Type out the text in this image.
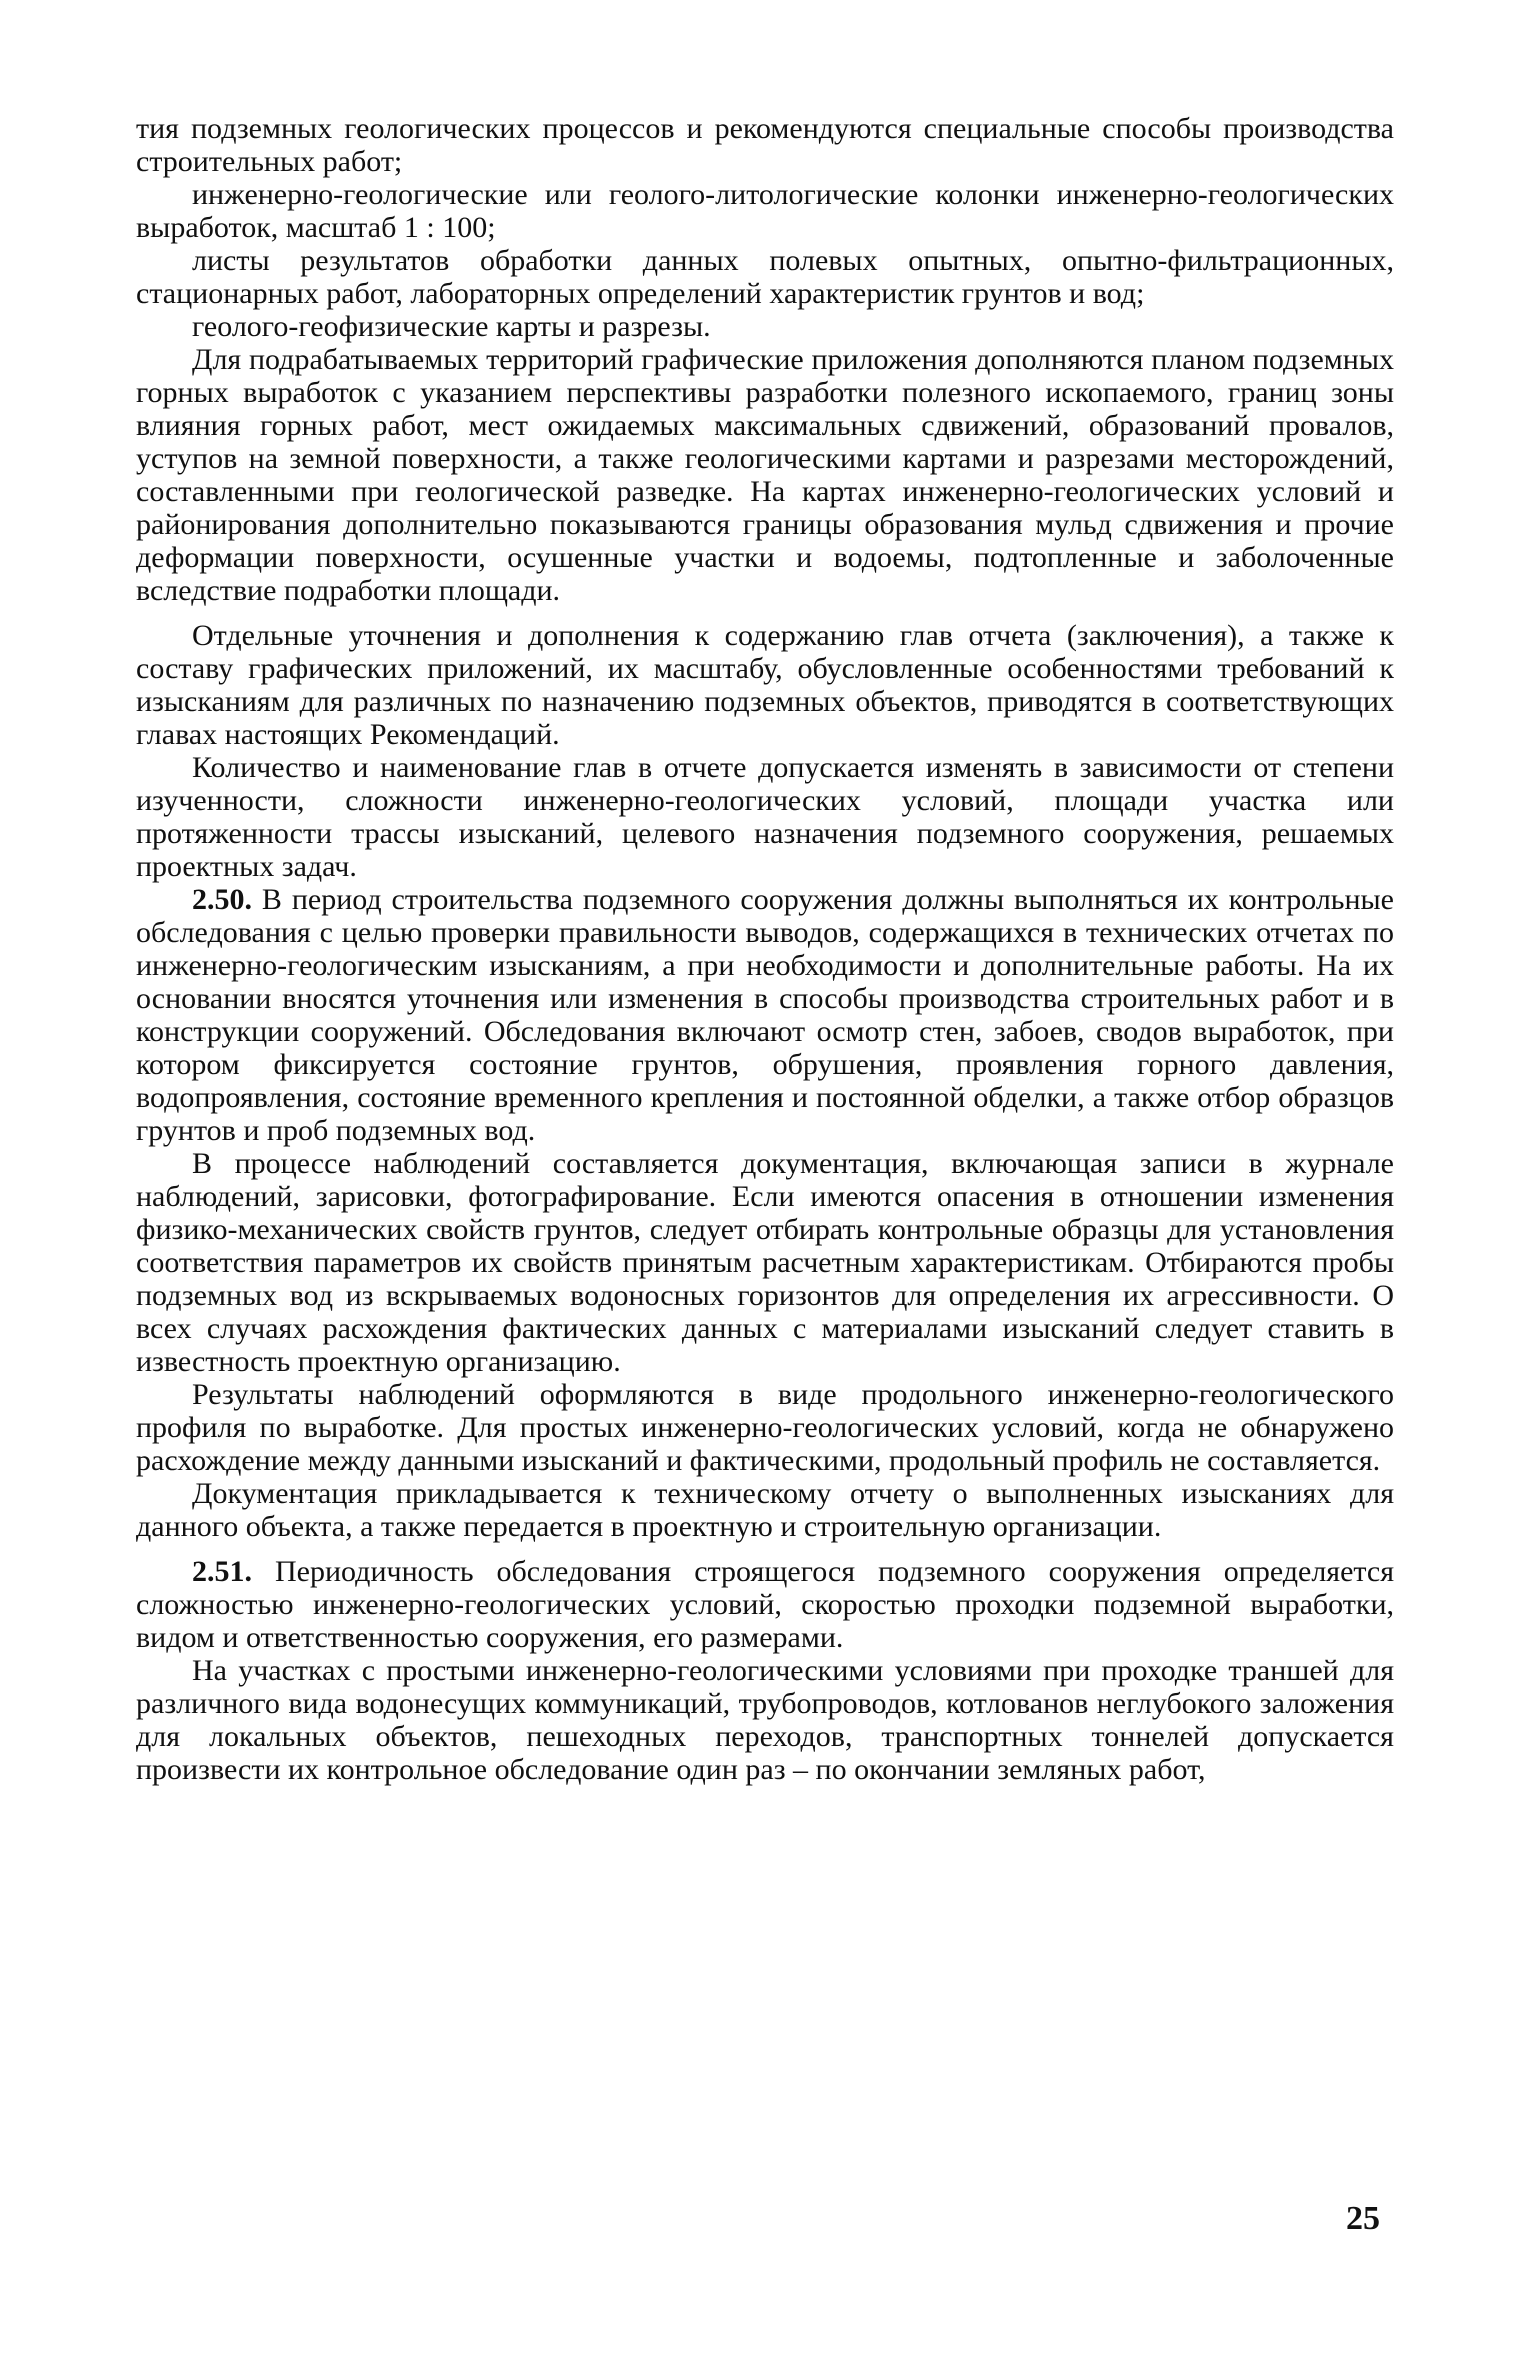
тия подземных геологических процессов и рекомендуются специальные способы производства строительных работ;

инженерно-геологические или геолого-литологические колонки инженерно-геологических выработок, масштаб 1 : 100;

листы результатов обработки данных полевых опытных, опытно-фильтрационных, стационарных работ, лабораторных определений характеристик грунтов и вод;

геолого-геофизические карты и разрезы.

Для подрабатываемых территорий графические приложения дополняются планом подземных горных выработок с указанием перспективы разработки полезного ископаемого, границ зоны влияния горных работ, мест ожидаемых максимальных сдвижений, образований провалов, уступов на земной поверхности, а также геологическими картами и разрезами месторождений, составленными при геологической разведке. На картах инженерно-геологических условий и районирования дополнительно показываются границы образования мульд сдвижения и прочие деформации поверхности, осушенные участки и водоемы, подтопленные и заболоченные вследствие подработки площади.

Отдельные уточнения и дополнения к содержанию глав отчета (заключения), а также к составу графических приложений, их масштабу, обусловленные особенностями требований к изысканиям для различных по назначению подземных объектов, приводятся в соответствующих главах настоящих Рекомендаций.

Количество и наименование глав в отчете допускается изменять в зависимости от степени изученности, сложности инженерно-геологических условий, площади участка или протяженности трассы изысканий, целевого назначения подземного сооружения, решаемых проектных задач.

2.50. В период строительства подземного сооружения должны выполняться их контрольные обследования с целью проверки правильности выводов, содержащихся в технических отчетах по инженерно-геологическим изысканиям, а при необходимости и дополнительные работы. На их основании вносятся уточнения или изменения в способы производства строительных работ и в конструкции сооружений. Обследования включают осмотр стен, забоев, сводов выработок, при котором фиксируется состояние грунтов, обрушения, проявления горного давления, водопроявления, состояние временного крепления и постоянной обделки, а также отбор образцов грунтов и проб подземных вод.

В процессе наблюдений составляется документация, включающая записи в журнале наблюдений, зарисовки, фотографирование. Если имеются опасения в отношении изменения физико-механических свойств грунтов, следует отбирать контрольные образцы для установления соответствия параметров их свойств принятым расчетным характеристикам. Отбираются пробы подземных вод из вскрываемых водоносных горизонтов для определения их агрессивности. О всех случаях расхождения фактических данных с материалами изысканий следует ставить в известность проектную организацию.

Результаты наблюдений оформляются в виде продольного инженерно-геологического профиля по выработке. Для простых инженерно-геологических условий, когда не обнаружено расхождение между данными изысканий и фактическими, продольный профиль не составляется.

Документация прикладывается к техническому отчету о выполненных изысканиях для данного объекта, а также передается в проектную и строительную организации.

2.51. Периодичность обследования строящегося подземного сооружения определяется сложностью инженерно-геологических условий, скоростью проходки подземной выработки, видом и ответственностью сооружения, его размерами.

На участках с простыми инженерно-геологическими условиями при проходке траншей для различного вида водонесущих коммуникаций, трубопроводов, котлованов неглубокого заложения для локальных объектов, пешеходных переходов, транспортных тоннелей допускается произвести их контрольное обследование один раз – по окончании земляных работ,

25
